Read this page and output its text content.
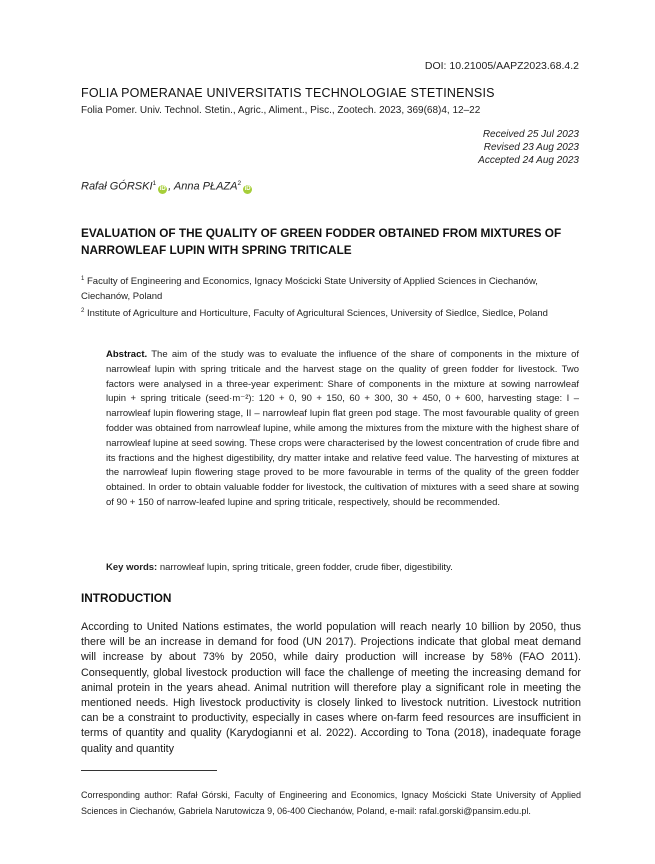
DOI: 10.21005/AAPZ2023.68.4.2
FOLIA POMERANAE UNIVERSITATIS TECHNOLOGIAE STETINENSIS
Folia Pomer. Univ. Technol. Stetin., Agric., Aliment., Pisc., Zootech. 2023, 369(68)4, 12–22
Received 25 Jul 2023
Revised 23 Aug 2023
Accepted 24 Aug 2023
Rafał GÓRSKI$^1$iD , Anna PŁAZA$^2$iD
EVALUATION OF THE QUALITY OF GREEN FODDER OBTAINED FROM MIXTURES OF NARROWLEAF LUPIN WITH SPRING TRITICALE

$^1$ Faculty of Engineering and Economics, Ignacy Mościcki State University of Applied Sciences in Ciechanów, Ciechanów, Poland

$^2$ Institute of Agriculture and Horticulture, Faculty of Agricultural Sciences, University of Siedlce, Siedlce, Poland

Abstract. The aim of the study was to evaluate the influence of the share of components in the mixture of narrowleaf lupin with spring triticale and the harvest stage on the quality of green fodder for livestock. Two factors were analysed in a three-year experiment: Share of components in the mixture at sowing narrowleaf lupin + spring triticale (seed·m⁻²): 120 + 0, 90 + 150, 60 + 300, 30 + 450, 0 + 600, harvesting stage: I – narrowleaf lupin flowering stage, II – narrowleaf lupin flat green pod stage. The most favourable quality of green fodder was obtained from narrowleaf lupine, while among the mixtures from the mixture with the highest share of narrowleaf lupine at seed sowing. These crops were characterised by the lowest concentration of crude fibre and its fractions and the highest digestibility, dry matter intake and relative feed value. The harvesting of mixtures at the narrowleaf lupin flowering stage proved to be more favourable in terms of the quality of the green fodder obtained. In order to obtain valuable fodder for livestock, the cultivation of mixtures with a seed share at sowing of 90 + 150 of narrow-leafed lupine and spring triticale, respectively, should be recommended.
Key words: narrowleaf lupin, spring triticale, green fodder, crude fiber, digestibility.
INTRODUCTION
According to United Nations estimates, the world population will reach nearly 10 billion by 2050, thus there will be an increase in demand for food (UN 2017). Projections indicate that global meat demand will increase by about 73% by 2050, while dairy production will increase by 58% (FAO 2011). Consequently, global livestock production will face the challenge of meeting the increasing demand for animal protein in the years ahead. Animal nutrition will therefore play a significant role in meeting the mentioned needs. High livestock productivity is closely linked to livestock nutrition. Livestock nutrition can be a constraint to productivity, especially in cases where on-farm feed resources are insufficient in terms of quantity and quality (Karydogianni et al. 2022). According to Tona (2018), inadequate forage quality and quantity
Corresponding author: Rafał Górski, Faculty of Engineering and Economics, Ignacy Mościcki State University of Applied Sciences in Ciechanów, Gabriela Narutowicza 9, 06-400 Ciechanów, Poland, e-mail: rafal.gorski@pansim.edu.pl.
